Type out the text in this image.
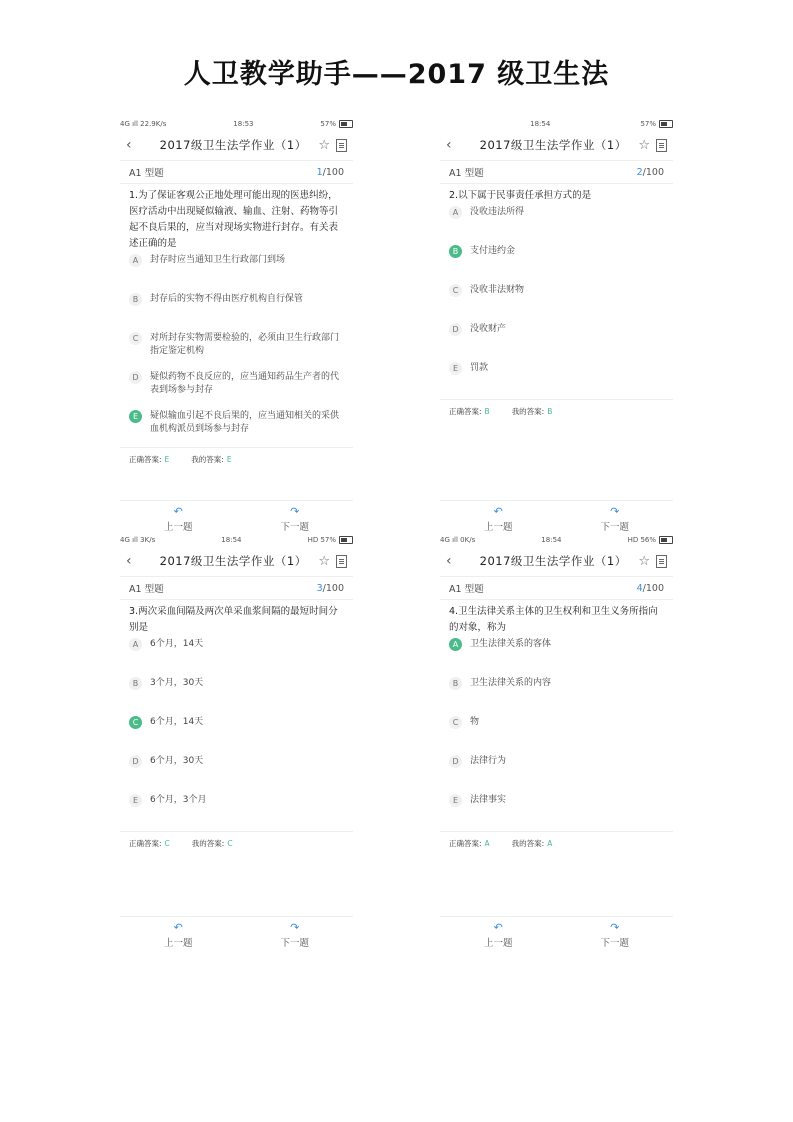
人卫教学助手——2017 级卫生法
4G ıll 22.9K/s	18:53	57%
‹	2017级卫生法学作业（1） ☆
A1 型题	1/100
1.为了保证客观公正地处理可能出现的医患纠纷，医疗活动中出现疑似输液、输血、注射、药物等引起不良后果的，应当对现场实物进行封存。有关表述正确的是
A	封存时应当通知卫生行政部门到场
B	封存后的实物不得由医疗机构自行保管
C	对所封存实物需要检验的，必须由卫生行政部门指定鉴定机构
D	疑似药物不良反应的，应当通知药品生产者的代表到场参与封存
E	疑似输血引起不良后果的，应当通知相关的采供血机构派员到场参与封存
正确答案: E	我的答案: E
↶
上一题
↷
下一题
18:54	57%
‹	2017级卫生法学作业（1） ☆
A1 型题	2/100
2.以下属于民事责任承担方式的是
A	没收违法所得
B	支付违约金
C	没收非法财物
D	没收财产
E	罚款
正确答案: B	我的答案: B
↶
上一题
↷
下一题
4G ıll 3K/s	18:54	HD 57%
‹	2017级卫生法学作业（1） ☆
A1 型题	3/100
3.两次采血间隔及两次单采血浆间隔的最短时间分别是
A	6个月，14天
B	3个月，30天
C	6个月，14天
D	6个月，30天
E	6个月，3个月
正确答案: C	我的答案: C
↶
上一题
↷
下一题
4G ıll 0K/s	18:54	HD 56%
‹	2017级卫生法学作业（1） ☆
A1 型题	4/100
4.卫生法律关系主体的卫生权利和卫生义务所指向的对象，称为
A	卫生法律关系的客体
B	卫生法律关系的内容
C	物
D	法律行为
E	法律事实
正确答案: A	我的答案: A
↶
上一题
↷
下一题
